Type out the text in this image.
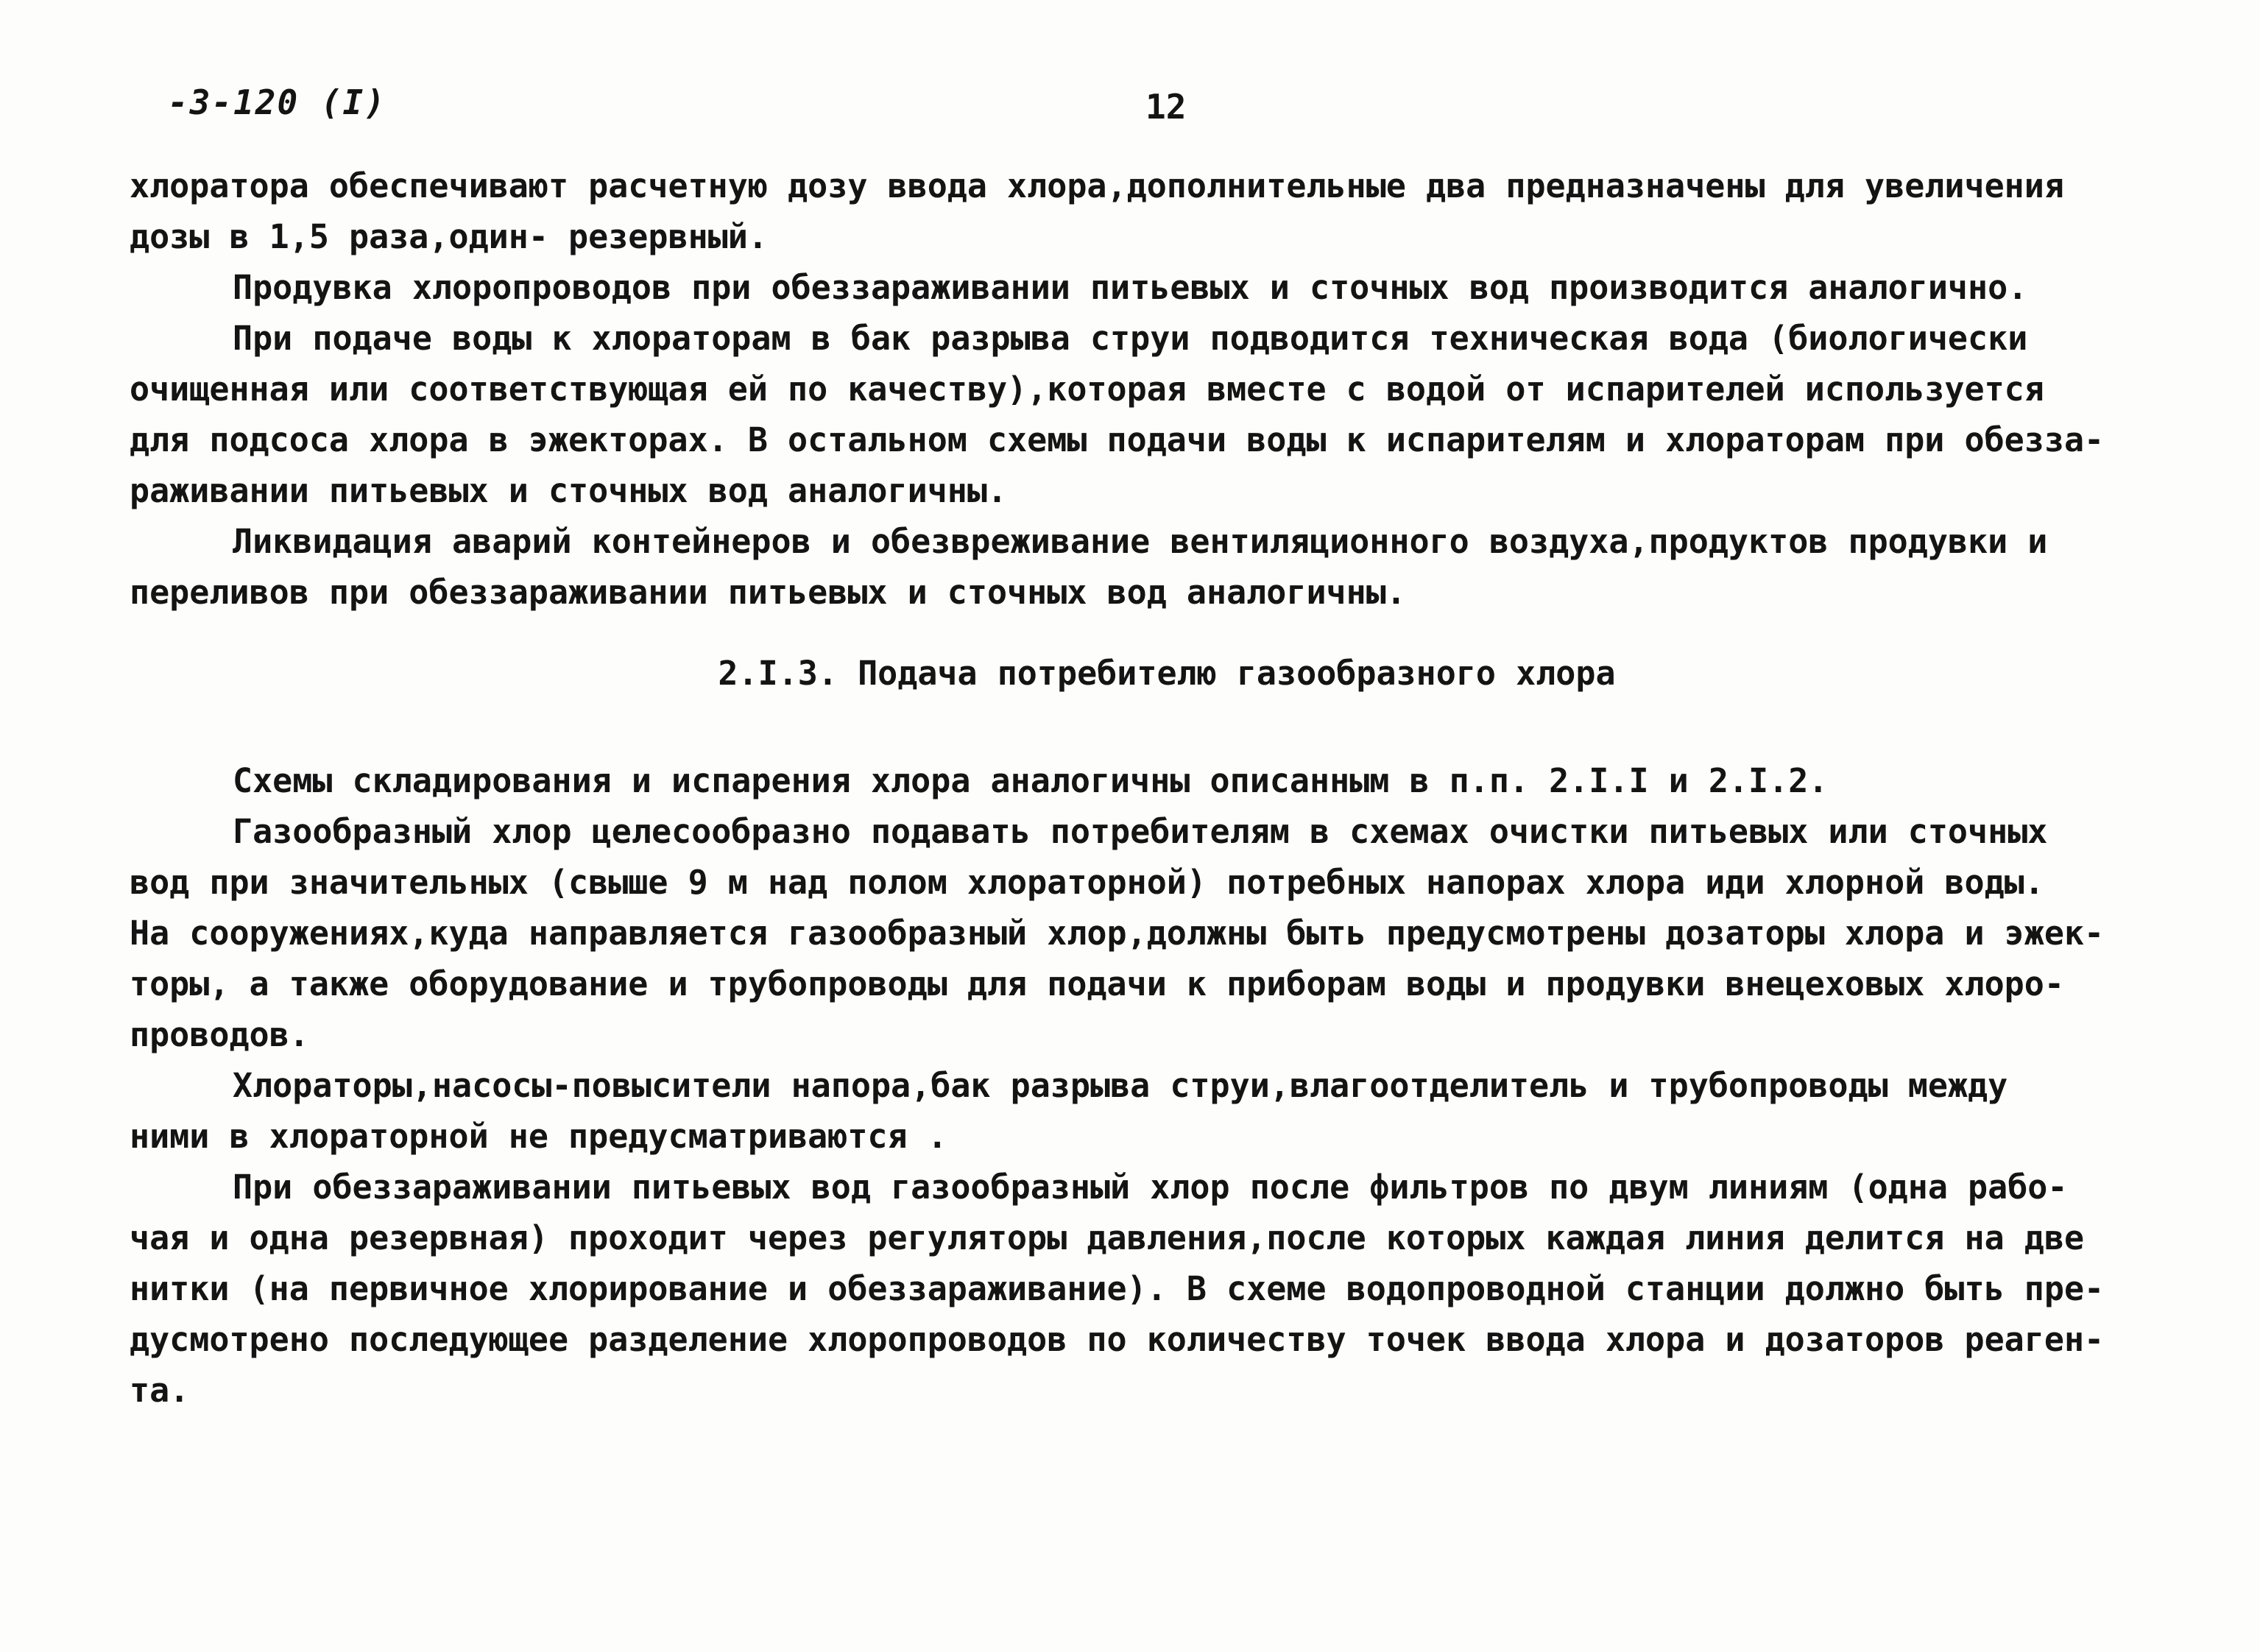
-3-120 (I)	12
хлоратора обеспечивают расчетную дозу ввода хлора,дополнительные два предназначены для увеличения
дозы в 1,5 раза,один- резервный.
Продувка хлоропроводов при обеззараживании питьевых и сточных вод производится аналогично.
При подаче воды к хлораторам в бак разрыва струи подводится техническая вода (биологически
очищенная или соответствующая ей по качеству),которая вместе с водой от испарителей используется
для подсоса хлора в эжекторах. В остальном схемы подачи воды к испарителям и хлораторам при обезза-
раживании питьевых и сточных вод аналогичны.
Ликвидация аварий контейнеров и обезвреживание вентиляционного воздуха,продуктов продувки и
переливов при обеззараживании питьевых и сточных вод аналогичны.
2.I.3. Подача потребителю газообразного хлора
Схемы складирования и испарения хлора аналогичны описанным в п.п. 2.I.I и 2.I.2.
Газообразный хлор целесообразно подавать потребителям в схемах очистки питьевых или сточных
вод при значительных (свыше 9 м над полом хлораторной) потребных напорах хлора иди хлорной воды.
На сооружениях,куда направляется газообразный хлор,должны быть предусмотрены дозаторы хлора и эжек-
торы, а также оборудование и трубопроводы для подачи к приборам воды и продувки внецеховых хлоро-
проводов.
Хлораторы,насосы-повысители напора,бак разрыва струи,влагоотделитель и трубопроводы между
ними в хлораторной не предусматриваются .
При обеззараживании питьевых вод газообразный хлор после фильтров по двум линиям (одна рабо-
чая и одна резервная) проходит через регуляторы давления,после которых каждая линия делится на две
нитки (на первичное хлорирование и обеззараживание). В схеме водопроводной станции должно быть пре-
дусмотрено последующее разделение хлоропроводов по количеству точек ввода хлора и дозаторов реаген-
та.
